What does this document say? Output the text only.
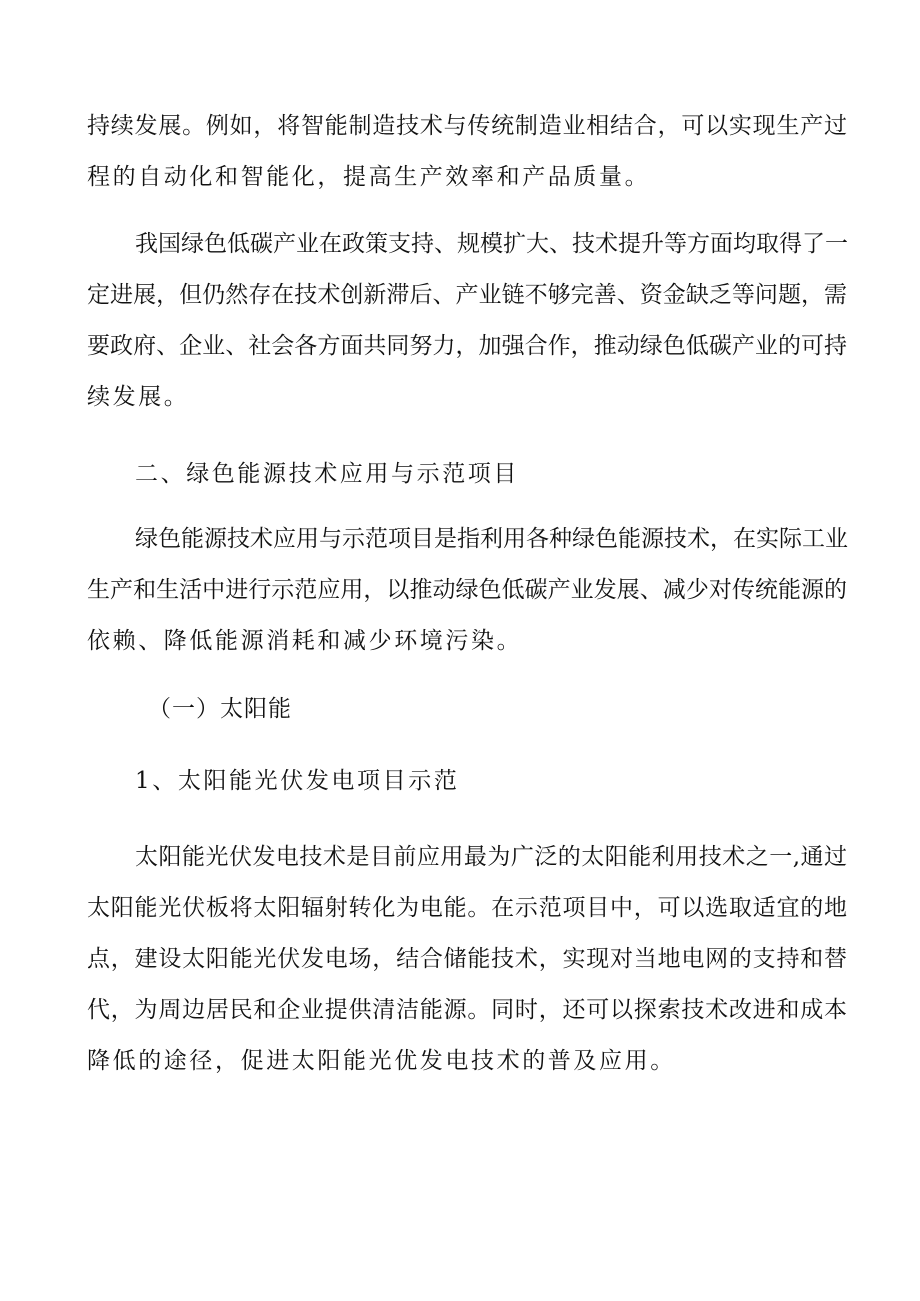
持续发展。例如，将智能制造技术与传统制造业相结合，可以实现生产过

程的自动化和智能化，提高生产效率和产品质量。

我国绿色低碳产业在政策支持、规模扩大、技术提升等方面均取得了一

定进展，但仍然存在技术创新滞后、产业链不够完善、资金缺乏等问题，需

要政府、企业、社会各方面共同努力，加强合作，推动绿色低碳产业的可持

续发展。

二、绿色能源技术应用与示范项目

绿色能源技术应用与示范项目是指利用各种绿色能源技术，在实际工业

生产和生活中进行示范应用，以推动绿色低碳产业发展、减少对传统能源的

依赖、降低能源消耗和减少环境污染。

（一）太阳能

1、太阳能光伏发电项目示范

太阳能光伏发电技术是目前应用最为广泛的太阳能利用技术之一,通过

太阳能光伏板将太阳辐射转化为电能。在示范项目中，可以选取适宜的地

点，建设太阳能光伏发电场，结合储能技术，实现对当地电网的支持和替

代，为周边居民和企业提供清洁能源。同时，还可以探索技术改进和成本

降低的途径，促进太阳能光优发电技术的普及应用。
